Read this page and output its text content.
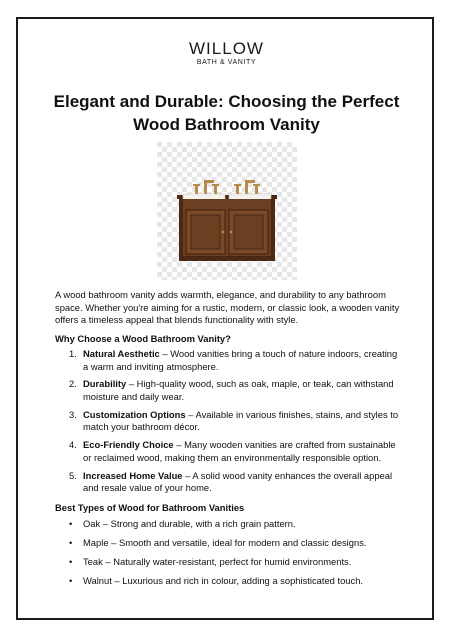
WILLOW
BATH & VANITY
Elegant and Durable: Choosing the Perfect Wood Bathroom Vanity
A wood bathroom vanity adds warmth, elegance, and durability to any bathroom space. Whether you're aiming for a rustic, modern, or classic look, a wooden vanity offers a timeless appeal that blends functionality with style.
Why Choose a Wood Bathroom Vanity?
1. Natural Aesthetic – Wood vanities bring a touch of nature indoors, creating a warm and inviting atmosphere.
2. Durability – High-quality wood, such as oak, maple, or teak, can withstand moisture and daily wear.
3. Customization Options – Available in various finishes, stains, and styles to match your bathroom décor.
4. Eco-Friendly Choice – Many wooden vanities are crafted from sustainable or reclaimed wood, making them an environmentally responsible option.
5. Increased Home Value – A solid wood vanity enhances the overall appeal and resale value of your home.
Best Types of Wood for Bathroom Vanities
• Oak – Strong and durable, with a rich grain pattern.
• Maple – Smooth and versatile, ideal for modern and classic designs.
• Teak – Naturally water-resistant, perfect for humid environments.
• Walnut – Luxurious and rich in colour, adding a sophisticated touch.
